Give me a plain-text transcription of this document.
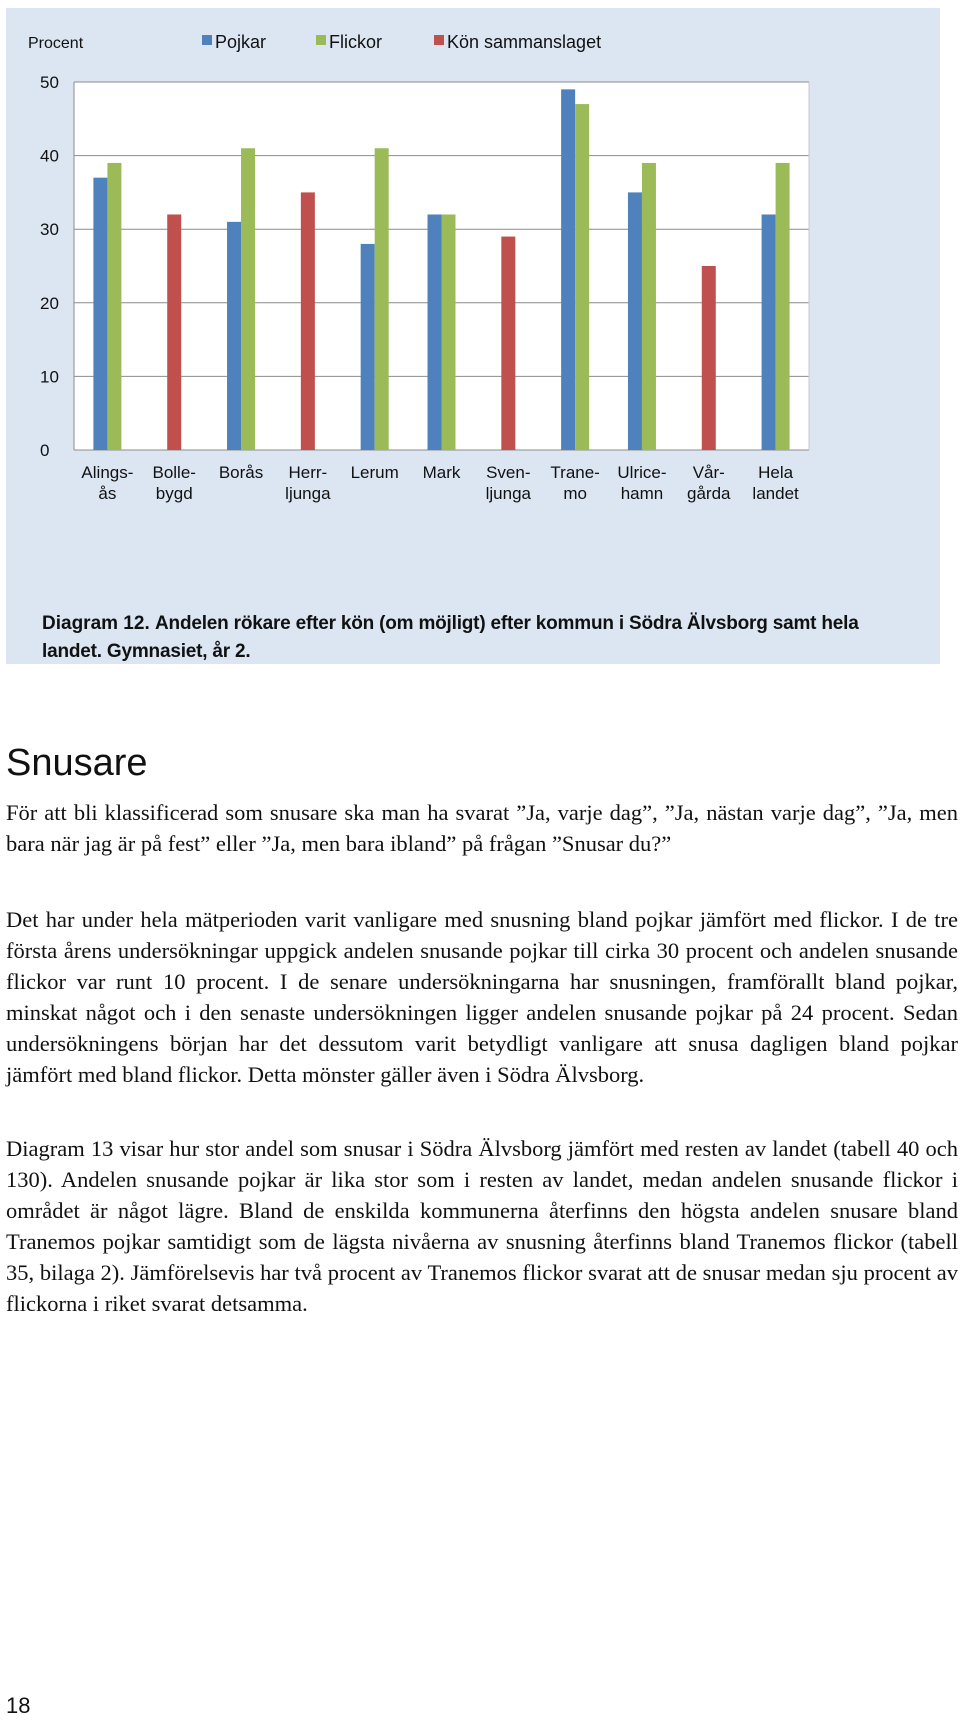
0
10
20
30
40
50
Procent	Pojkar	Flickor	Kön sammanslaget
Alings-
ås
Bolle-
bygd
Borås Herr-
ljunga
Lerum Mark Sven-
ljunga
Trane-
mo
Ulrice-
hamn
Vår-
gårda
Hela
landet

Diagram 12. Andelen rökare efter kön (om möjligt) efter kommun i Södra Älvsborg samt hela landet. Gymnasiet, år 2.

Snusare

För att bli klassificerad som snusare ska man ha svarat ”Ja, varje dag”, ”Ja, nästan varje dag”, ”Ja, men bara när jag är på fest” eller ”Ja, men bara ibland” på frågan ”Snusar du?”

Det har under hela mätperioden varit vanligare med snusning bland pojkar jämfört med flickor. I de tre första årens undersökningar uppgick andelen snusande pojkar till cirka 30 procent och andelen snusande flickor var runt 10 procent. I de senare undersökningarna har snusningen, framförallt bland pojkar, minskat något och i den senaste undersökningen ligger andelen snusande pojkar på 24 procent. Sedan undersökningens början har det dessutom varit betydligt vanligare att snusa dagligen bland pojkar jämfört med bland flickor. Detta mönster gäller även i Södra Älvsborg.

Diagram 13 visar hur stor andel som snusar i Södra Älvsborg jämfört med resten av landet (tabell 40 och 130). Andelen snusande pojkar är lika stor som i resten av landet, medan andelen snusande flickor i området är något lägre. Bland de enskilda kommunerna återfinns den högsta andelen snusare bland Tranemos pojkar samtidigt som de lägsta nivåerna av snusning återfinns bland Tranemos flickor (tabell 35, bilaga 2). Jämförelsevis har två procent av Tranemos flickor svarat att de snusar medan sju procent av flickorna i riket svarat detsamma.

18
